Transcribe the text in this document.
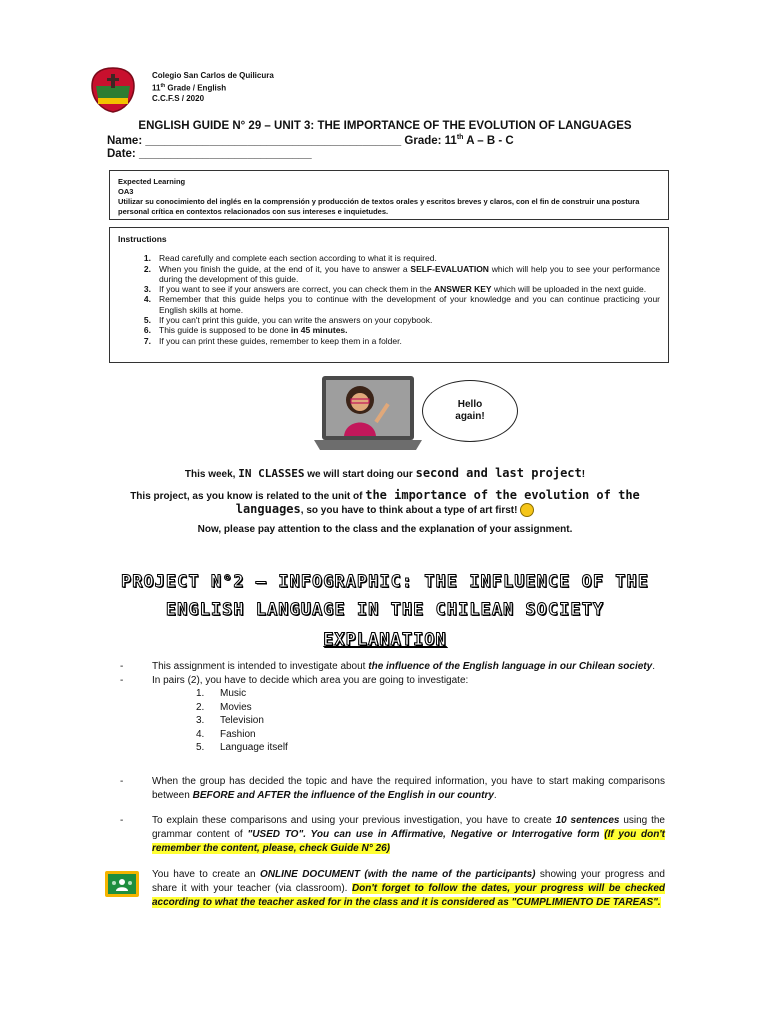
Colegio San Carlos de Quilicura
11th Grade / English
C.C.F.S / 2020
ENGLISH GUIDE N° 29 – UNIT 3: THE IMPORTANCE OF THE EVOLUTION OF LANGUAGES
Name: ________________________________________ Grade: 11th A – B - C
Date: ___________________________
Expected Learning
OA3
Utilizar su conocimiento del inglés en la comprensión y producción de textos orales y escritos breves y claros, con el fin de construir una postura personal crítica en contextos relacionados con sus intereses e inquietudes.
Instructions
1. Read carefully and complete each section according to what it is required.
2. When you finish the guide, at the end of it, you have to answer a SELF-EVALUATION which will help you to see your performance during the development of this guide.
3. If you want to see if your answers are correct, you can check them in the ANSWER KEY which will be uploaded in the next guide.
4. Remember that this guide helps you to continue with the development of your knowledge and you can continue practicing your English skills at home.
5. If you can't print this guide, you can write the answers on your copybook.
6. This guide is supposed to be done in 45 minutes.
7. If you can print these guides, remember to keep them in a folder.
Hello
again!
This week, IN CLASSES we will start doing our second and last project!
This project, as you know is related to the unit of the importance of the evolution of the
languages, so you have to think about a type of art first!
Now, please pay attention to the class and the explanation of your assignment.
PROJECT N°2 – INFOGRAPHIC: THE INFLUENCE OF THE
ENGLISH LANGUAGE IN THE CHILEAN SOCIETY
EXPLANATION
-	This assignment is intended to investigate about the influence of the English language in our Chilean society.
-	In pairs (2), you have to decide which area you are going to investigate:
1. Music
2. Movies
3. Television
4. Fashion
5. Language itself
-	When the group has decided the topic and have the required information, you have to start making comparisons between BEFORE and AFTER the influence of the English in our country.
-	To explain these comparisons and using your previous investigation, you have to create 10 sentences using the grammar content of "USED TO". You can use in Affirmative, Negative or Interrogative form (If you don't remember the content, please, check Guide N° 26)
You have to create an ONLINE DOCUMENT (with the name of the participants) showing your progress and share it with your teacher (via classroom). Don't forget to follow the dates, your progress will be checked according to what the teacher asked for in the class and it is considered as "CUMPLIMIENTO DE TAREAS".
